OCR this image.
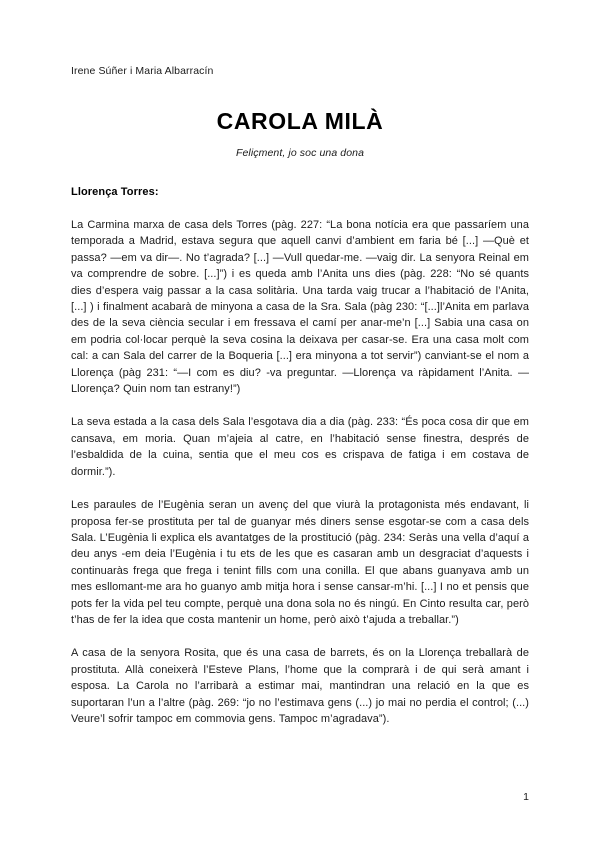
Irene Súñer i Maria Albarracín

CAROLA MILÀ

Feliçment, jo soc una dona

Llorença Torres:

La Carmina marxa de casa dels Torres (pàg. 227: “La bona notícia era que passaríem una temporada a Madrid, estava segura que aquell canvi d’ambient em faria bé [...] —Què et passa? —em va dir—. No t’agrada? [...] —Vull quedar-me. —vaig dir. La senyora Reinal em va comprendre de sobre. [...]”) i es queda amb l’Anita uns dies (pàg. 228: “No sé quants dies d’espera vaig passar a la casa solitària. Una tarda vaig trucar a l’habitació de l’Anita, [...] ) i finalment acabarà de minyona a casa de la Sra. Sala (pàg 230: “[...]l’Anita em parlava des de la seva ciència secular i em fressava el camí per anar-me’n [...] Sabia una casa on em podria col·locar perquè la seva cosina la deixava per casar-se. Era una casa molt com cal: a can Sala del carrer de la Boqueria [...] era minyona a tot servir”) canviant-se el nom a Llorença (pàg 231: “—I com es diu? -va preguntar. —Llorença va ràpidament l’Anita. —Llorença? Quin nom tan estrany!”)

La seva estada a la casa dels Sala l’esgotava dia a dia (pàg. 233: “És poca cosa dir que em cansava, em moria. Quan m’ajeia al catre, en l’habitació sense finestra, després de l’esbaldida de la cuina, sentia que el meu cos es crispava de fatiga i em costava de dormir.”).

Les paraules de l’Eugènia seran un avenç del que viurà la protagonista més endavant, li proposa fer-se prostituta per tal de guanyar més diners sense esgotar-se com a casa dels Sala. L’Eugènia li explica els avantatges de la prostitució (pàg. 234: Seràs una vella d’aquí a deu anys -em deia l’Eugènia i tu ets de les que es casaran amb un desgraciat d’aquests i continuaràs frega que frega i tenint fills com una conilla. El que abans guanyava amb un mes esllomant-me ara ho guanyo amb mitja hora i sense cansar-m’hi. [...] I no et pensis que pots fer la vida pel teu compte, perquè una dona sola no és ningú. En Cinto resulta car, però t’has de fer la idea que costa mantenir un home, però això t’ajuda a treballar.”)

A casa de la senyora Rosita, que és una casa de barrets, és on la Llorença treballarà de prostituta. Allà coneixerà l’Esteve Plans, l’home que la comprarà i de qui serà amant i esposa. La Carola no l’arribarà a estimar mai, mantindran una relació en la que es suportaran l’un a l’altre (pàg. 269: “jo no l’estimava gens (...) jo mai no perdia el control; (...) Veure’l sofrir tampoc em commovia gens. Tampoc m’agradava”).

1
